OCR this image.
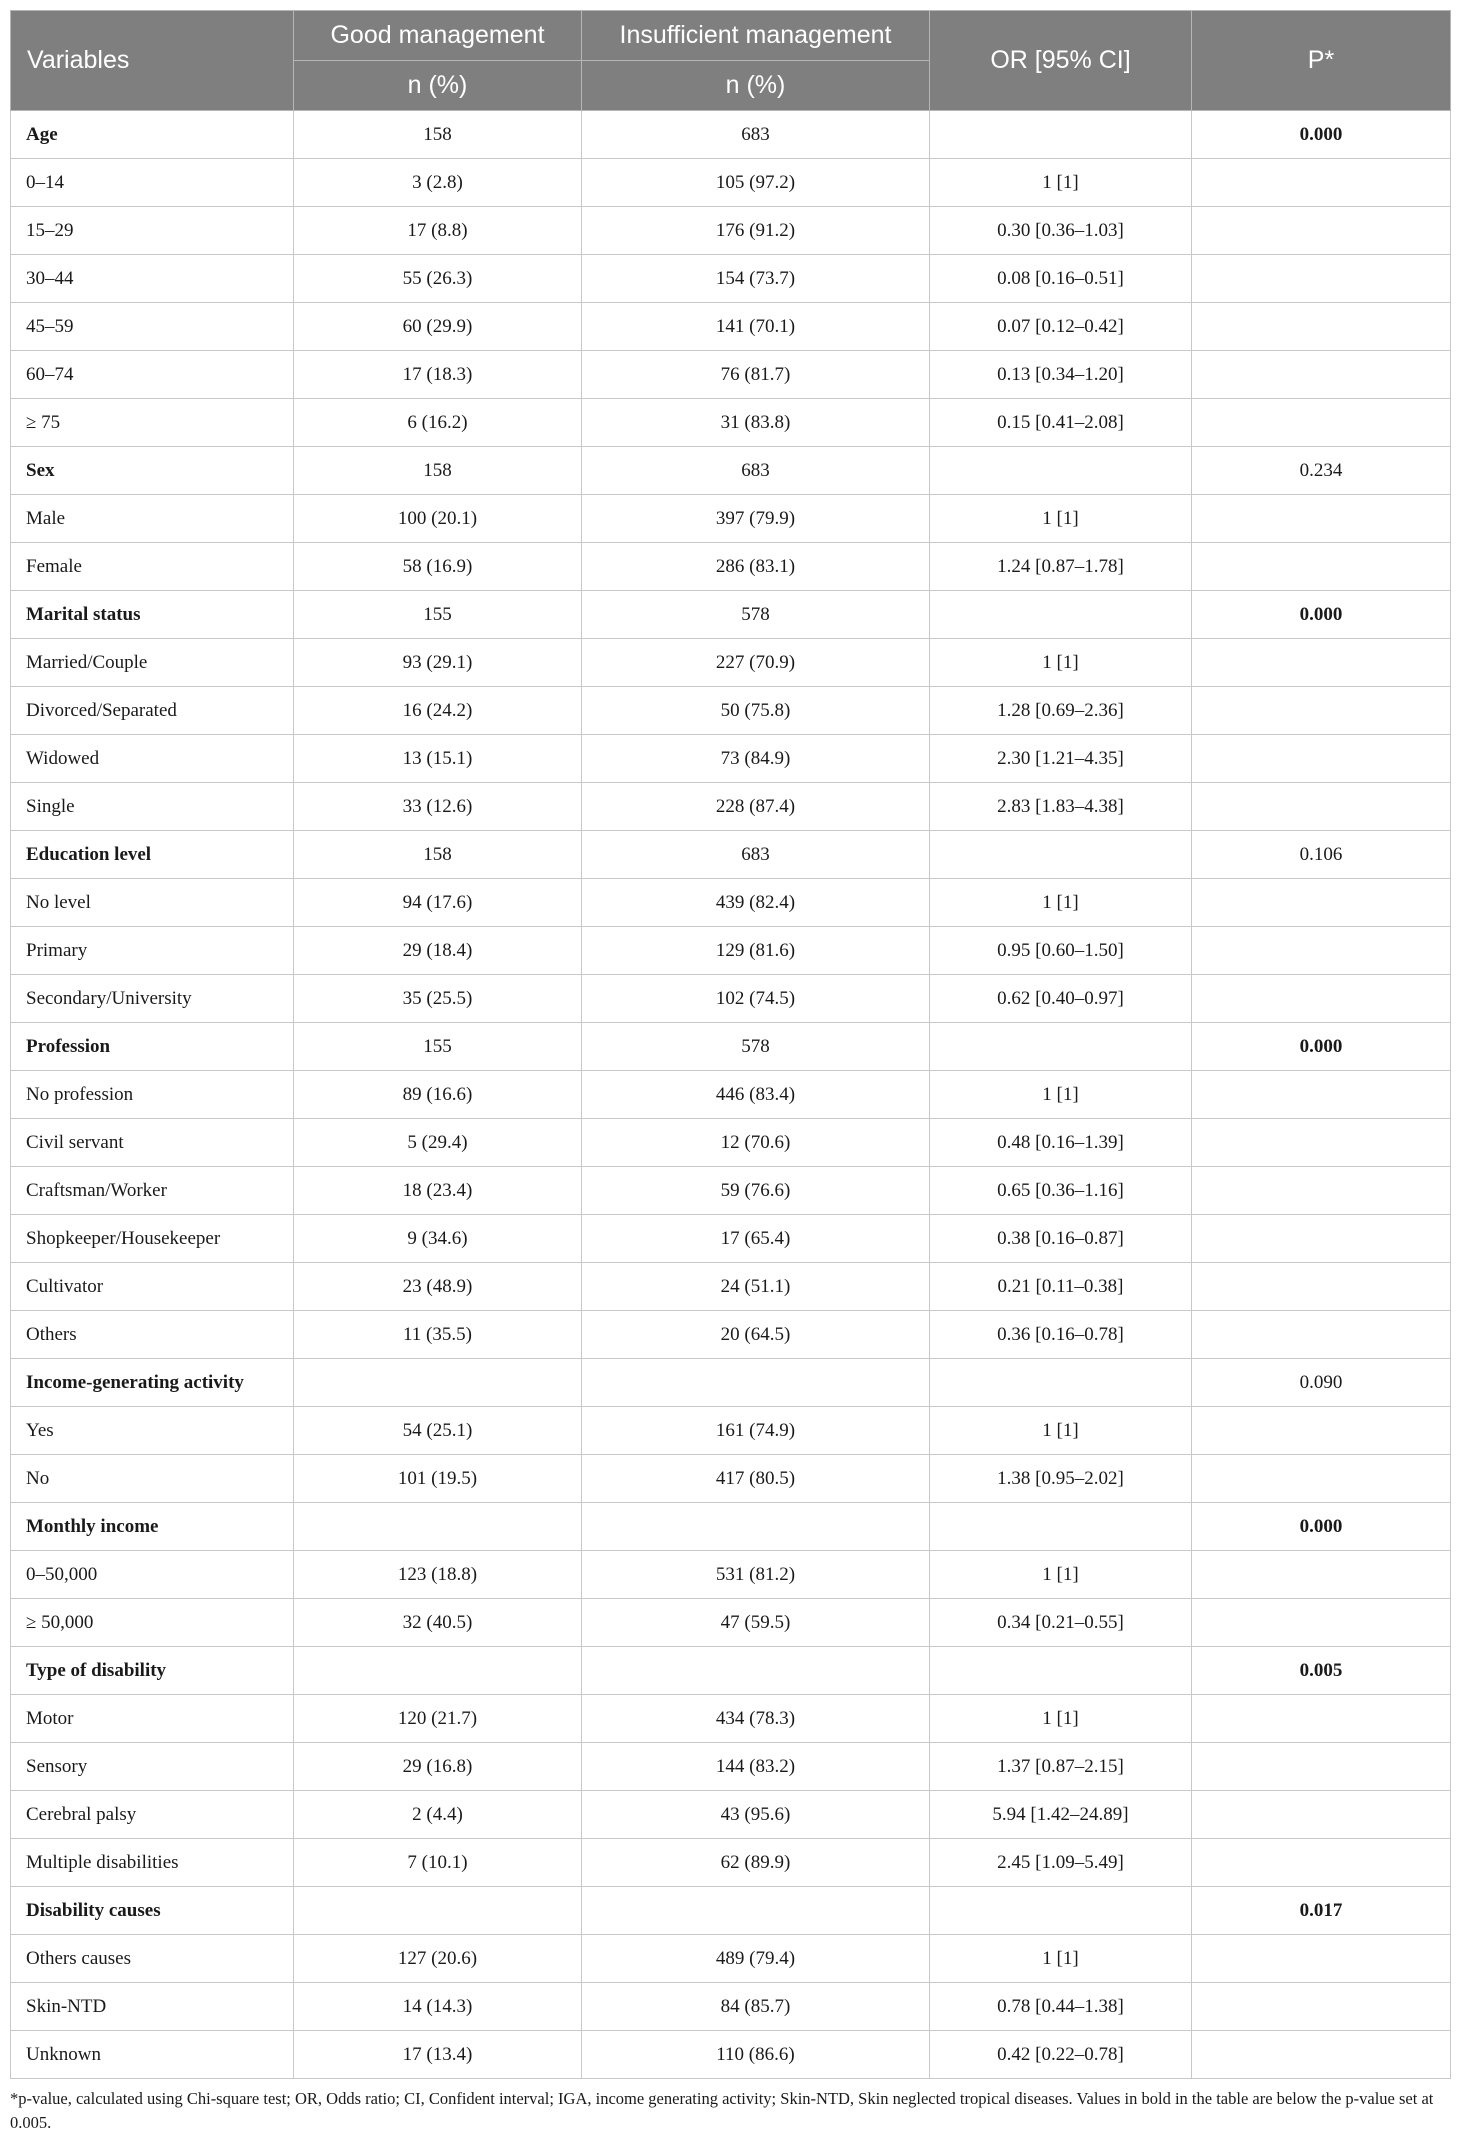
Variables	Good management	Insufficient management	OR [95% CI]	P*
	n (%)	n (%)		
Age	158	683		0.000
0–14	3 (2.8)	105 (97.2)	1 [1]	
15–29	17 (8.8)	176 (91.2)	0.30 [0.36–1.03]	
30–44	55 (26.3)	154 (73.7)	0.08 [0.16–0.51]	
45–59	60 (29.9)	141 (70.1)	0.07 [0.12–0.42]	
60–74	17 (18.3)	76 (81.7)	0.13 [0.34–1.20]	
≥ 75	6 (16.2)	31 (83.8)	0.15 [0.41–2.08]	
Sex	158	683		0.234
Male	100 (20.1)	397 (79.9)	1 [1]	
Female	58 (16.9)	286 (83.1)	1.24 [0.87–1.78]	
Marital status	155	578		0.000
Married/Couple	93 (29.1)	227 (70.9)	1 [1]	
Divorced/Separated	16 (24.2)	50 (75.8)	1.28 [0.69–2.36]	
Widowed	13 (15.1)	73 (84.9)	2.30 [1.21–4.35]	
Single	33 (12.6)	228 (87.4)	2.83 [1.83–4.38]	
Education level	158	683		0.106
No level	94 (17.6)	439 (82.4)	1 [1]	
Primary	29 (18.4)	129 (81.6)	0.95 [0.60–1.50]	
Secondary/University	35 (25.5)	102 (74.5)	0.62 [0.40–0.97]	
Profession	155	578		0.000
No profession	89 (16.6)	446 (83.4)	1 [1]	
Civil servant	5 (29.4)	12 (70.6)	0.48 [0.16–1.39]	
Craftsman/Worker	18 (23.4)	59 (76.6)	0.65 [0.36–1.16]	
Shopkeeper/Housekeeper	9 (34.6)	17 (65.4)	0.38 [0.16–0.87]	
Cultivator	23 (48.9)	24 (51.1)	0.21 [0.11–0.38]	
Others	11 (35.5)	20 (64.5)	0.36 [0.16–0.78]	
Income-generating activity				0.090
Yes	54 (25.1)	161 (74.9)	1 [1]	
No	101 (19.5)	417 (80.5)	1.38 [0.95–2.02]	
Monthly income				0.000
0–50,000	123 (18.8)	531 (81.2)	1 [1]	
≥ 50,000	32 (40.5)	47 (59.5)	0.34 [0.21–0.55]	
Type of disability				0.005
Motor	120 (21.7)	434 (78.3)	1 [1]	
Sensory	29 (16.8)	144 (83.2)	1.37 [0.87–2.15]	
Cerebral palsy	2 (4.4)	43 (95.6)	5.94 [1.42–24.89]	
Multiple disabilities	7 (10.1)	62 (89.9)	2.45 [1.09–5.49]	
Disability causes				0.017
Others causes	127 (20.6)	489 (79.4)	1 [1]	
Skin-NTD	14 (14.3)	84 (85.7)	0.78 [0.44–1.38]	
Unknown	17 (13.4)	110 (86.6)	0.42 [0.22–0.78]	
*p-value, calculated using Chi-square test; OR, Odds ratio; CI, Confident interval; IGA, income generating activity; Skin-NTD, Skin neglected tropical diseases. Values in bold in the table are below the p-value set at 0.005.
